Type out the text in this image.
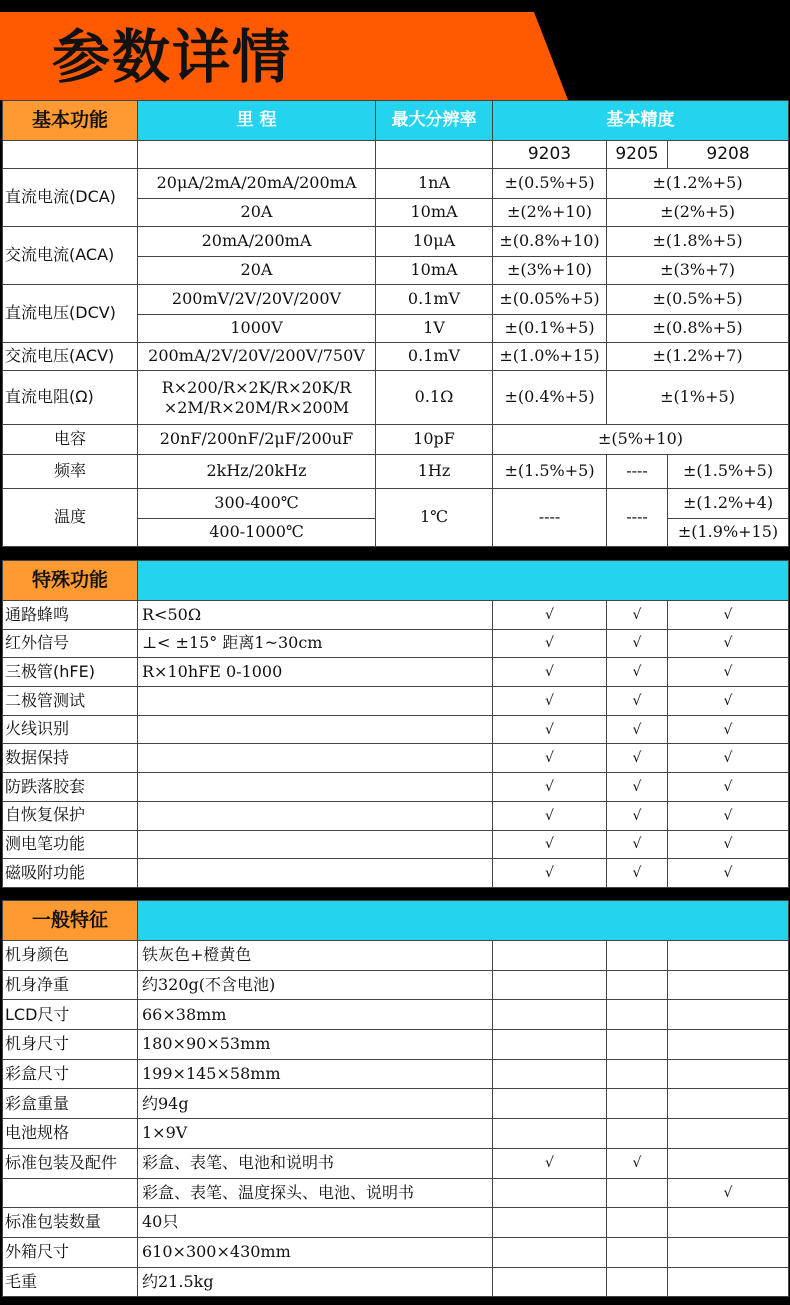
参数详情
基本功能	里 程	最大分辨率	基本精度		
			9203	9205	9208
直流电流(DCA)	20μA/2mA/20mA/200mA	1nA	±(0.5%+5)	±(1.2%+5)	
	20A	10mA	±(2%+10)	±(2%+5)	
交流电流(ACA)	20mA/200mA	10μA	±(0.8%+10)	±(1.8%+5)	
	20A	10mA	±(3%+10)	±(3%+7)	
直流电压(DCV)	200mV/2V/20V/200V	0.1mV	±(0.05%+5)	±(0.5%+5)	
	1000V	1V	±(0.1%+5)	±(0.8%+5)	
交流电压(ACV)	200mA/2V/20V/200V/750V	0.1mV	±(1.0%+15)	±(1.2%+7)	
直流电阻(Ω)	R×200/R×2K/R×20K/R ×2M/R×20M/R×200M	0.1Ω	±(0.4%+5)	±(1%+5)	
电容	20nF/200nF/2μF/200uF	10pF	±(5%+10)		
频率	2kHz/20kHz	1Hz	±(1.5%+5)	----	±(1.5%+5)
温度	300-400℃	1℃	----	----	±(1.2%+4)
	400-1000℃				±(1.9%+15)
特殊功能				
通路蜂鸣	R<50Ω	√	√	√
红外信号	⊥< ±15° 距离1~30cm	√	√	√
三极管(hFE)	R×10hFE 0-1000	√	√	√
二极管测试		√	√	√
火线识别		√	√	√
数据保持		√	√	√
防跌落胶套		√	√	√
自恢复保护		√	√	√
测电笔功能		√	√	√
磁吸附功能		√	√	√
一般特征				
机身颜色	铁灰色+橙黄色			
机身净重	约320g(不含电池)			
LCD尺寸	66×38mm			
机身尺寸	180×90×53mm			
彩盒尺寸	199×145×58mm			
彩盒重量	约94g			
电池规格	1×9V			
标准包装及配件	彩盒、表笔、电池和说明书	√	√	
	彩盒、表笔、温度探头、电池、说明书			√
标准包装数量	40只			
外箱尺寸	610×300×430mm			
毛重	约21.5kg			
